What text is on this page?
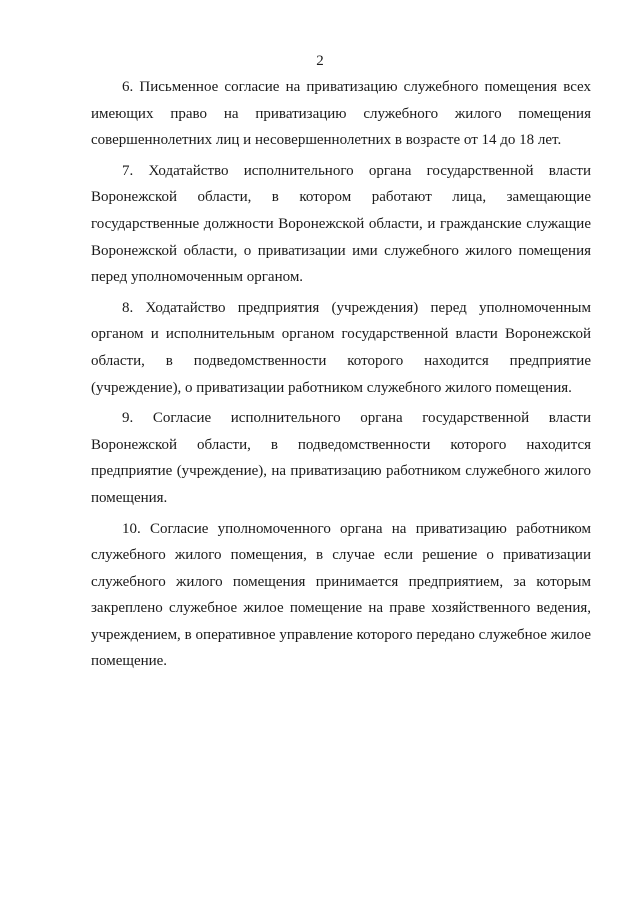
2

6. Письменное согласие на приватизацию служебного помещения всех имеющих право на приватизацию служебного жилого помещения совершеннолетних лиц и несовершеннолетних в возрасте от 14 до 18 лет.

7. Ходатайство исполнительного органа государственной власти Воронежской области, в котором работают лица, замещающие государственные должности Воронежской области, и гражданские служащие Воронежской области, о приватизации ими служебного жилого помещения перед уполномоченным органом.

8. Ходатайство предприятия (учреждения) перед уполномоченным органом и исполнительным органом государственной власти Воронежской области, в подведомственности которого находится предприятие (учреждение), о приватизации работником служебного жилого помещения.

9. Согласие исполнительного органа государственной власти Воронежской области, в подведомственности которого находится предприятие (учреждение), на приватизацию работником служебного жилого помещения.

10. Согласие уполномоченного органа на приватизацию работником служебного жилого помещения, в случае если решение о приватизации служебного жилого помещения принимается предприятием, за которым закреплено служебное жилое помещение на праве хозяйственного ведения, учреждением, в оперативное управление которого передано служебное жилое помещение.
